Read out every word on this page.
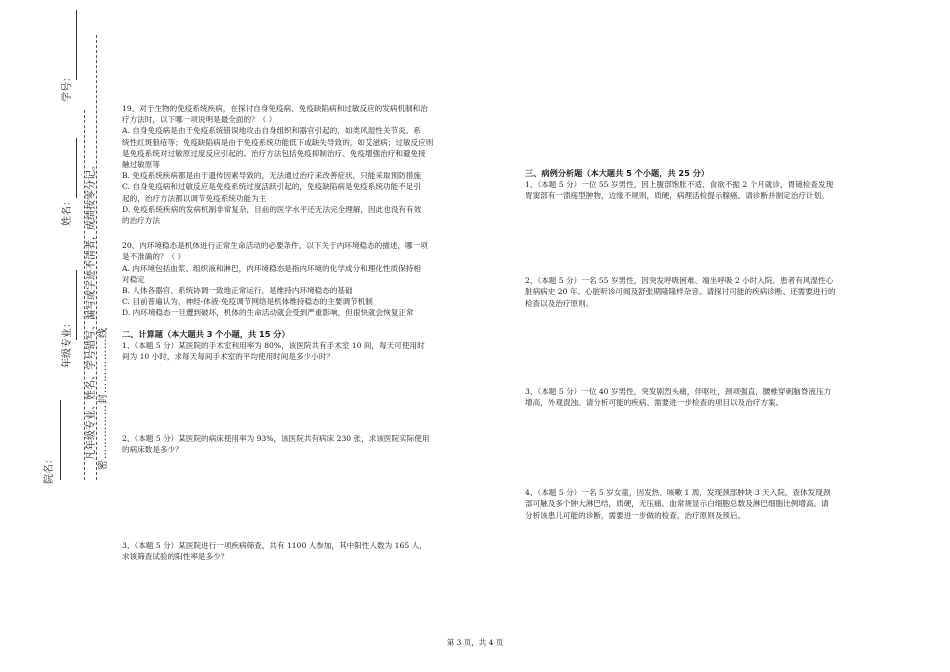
学号：
姓名：
年级专业：
院名：
凡年级专业、姓名、学号错写、漏写或字迹不清者，成绩按零分记。 密……………封……………线

19、对于生物的免疫系统疾病，在探讨自身免疫病、免疫缺陷病和过敏反应的发病机制和治

疗方法时，以下哪一项说明是最全面的？（ ）

A. 自身免疫病是由于免疫系统错误地攻击自身组织和器官引起的，如类风湿性关节炎。系

统性红斑狼疮等；免疫缺陷病是由于免疫系统功能低下或缺失导致的，如艾滋病；过敏反应则

是免疫系统对过敏原过度反应引起的。治疗方法包括免疫抑制治疗、免疫增强治疗和避免接

触过敏原等

B. 免疫系统疾病都是由于遗传因素导致的，无法通过治疗来改善症状，只能采取预防措施

C. 自身免疫病和过敏反应是免疫系统过度活跃引起的，免疫缺陷病是免疫系统功能不足引

起的，治疗方法都以调节免疫系统功能为主

D. 免疫系统疾病的发病机制非常复杂，目前的医学水平还无法完全理解，因此也没有有效

的治疗方法

20、内环境稳态是机体进行正常生命活动的必要条件。以下关于内环境稳态的描述，哪一项

是不准确的？（ ）

A. 内环境包括血浆、组织液和淋巴，内环境稳态是指内环境的化学成分和理化性质保持相

对稳定

B. 人体各器官、系统协调一致地正常运行，是维持内环境稳态的基础

C. 目前普遍认为，神经-体液-免疫调节网络是机体维持稳态的主要调节机制

D. 内环境稳态一旦遭到破坏，机体的生命活动就会受到严重影响，但很快就会恢复正常

二、计算题（本大题共 3 个小题，共 15 分）

1、（本题 5 分）某医院的手术室利用率为 80%，该医院共有手术室 10 间，每天可使用时

间为 10 小时，求每天每间手术室的平均使用时间是多少小时？

2、（本题 5 分）某医院的病床使用率为 93%，该医院共有病床 230 张，求该医院实际使用

的病床数是多少？

3、（本题 5 分）某医院进行一项疾病筛查，共有 1100 人参加，其中阳性人数为 165 人，

求该筛查试验的阳性率是多少？

三、病例分析题（本大题共 5 个小题，共 25 分）

1、（本题 5 分）一位 55 岁男性，因上腹部饱胀不适、食欲不振 2 个月就诊，胃镜检查发现

胃窦部有一溃疡型肿物，边缘不规则，质硬，病理活检提示腺癌。请诊断并制定治疗计划。

2、（本题 5 分）一名 55 岁男性，因突发呼吸困难、端坐呼吸 2 小时入院。患者有风湿性心

脏病病史 20 年。心脏听诊可闻及舒张期隆隆样杂音。请探讨可能的疾病诊断、还需要进行的

检查以及治疗原则。

3、（本题 5 分）一位 40 岁男性，突发剧烈头痛，伴呕吐，颈项强直，腰椎穿刺脑脊液压力

增高，外观混浊。请分析可能的疾病、需要进一步检查的项目以及治疗方案。

4、（本题 5 分）一名 5 岁女童，因发热、咳嗽 1 周，发现颈部肿块 3 天入院。查体发现颈

部可触及多个肿大淋巴结，质硬，无压痛。血常规显示白细胞总数及淋巴细胞比例增高。请

分析该患儿可能的诊断，需要进一步做的检查，治疗原则及预后。

第 3 页，共 4 页
